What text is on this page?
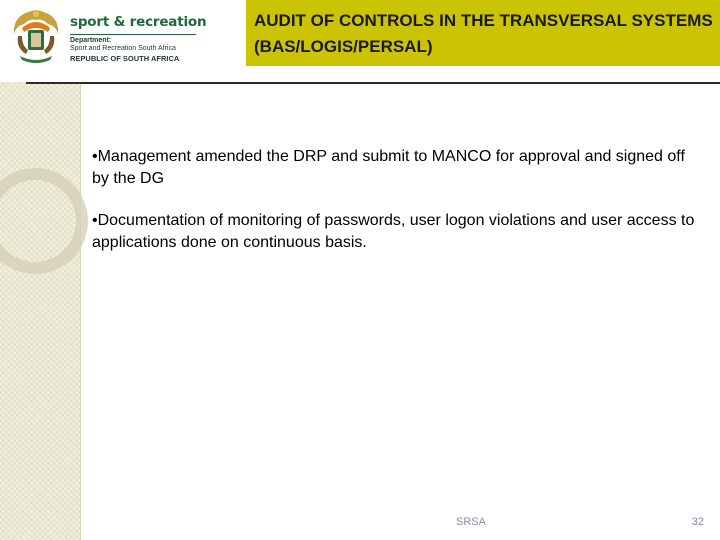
sport & recreation
Department:
Sport and Recreation South Africa
REPUBLIC OF SOUTH AFRICA
AUDIT OF CONTROLS IN THE TRANSVERSAL SYSTEMS (BAS/LOGIS/PERSAL)
•Management amended the DRP and submit to MANCO for approval and signed off by the DG
•Documentation of monitoring of passwords, user logon violations and user access to applications done on continuous basis.
SRSA	32
